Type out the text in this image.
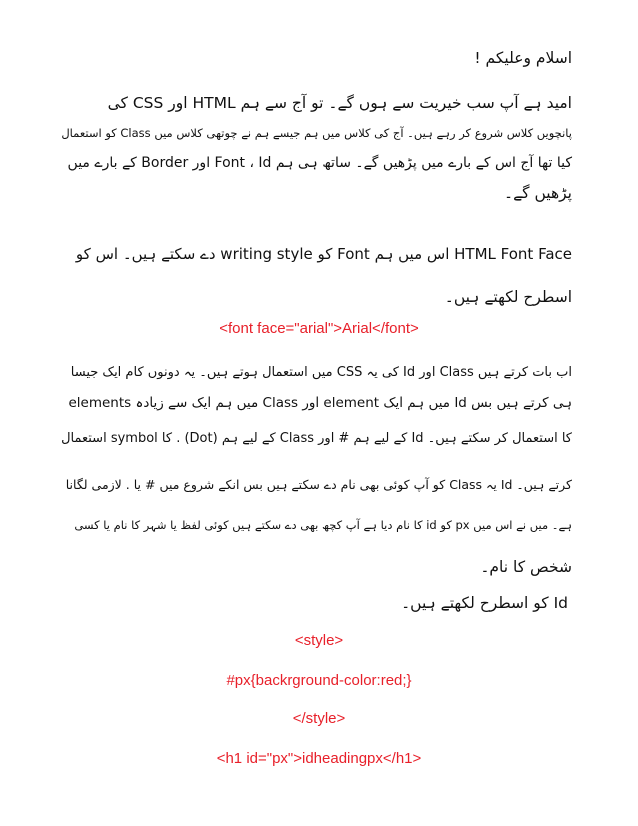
اسلام وعلیکم !
امید ہے آپ سب خیریت سے ہوں گے۔ تو آج سے ہم HTML اور CSS کی
پانچویں کلاس شروع کر رہے ہیں۔ آج کی کلاس میں ہم جیسے ہم نے چوتھی کلاس میں Class کو استعمال
کیا تھا آج اس کے بارے میں پڑھیں گے۔ ساتھ ہی ہم Font ، Id اور Border کے بارے میں
پڑھیں گے۔
HTML Font Face اس میں ہم Font کو writing style دے سکتے ہیں۔ اس کو
اسطرح لکھتے ہیں۔
<font face="arial">Arial</font>
اب بات کرتے ہیں Class اور Id کی یہ CSS میں استعمال ہوتے ہیں۔ یہ دونوں کام ایک جیسا
ہی کرتے ہیں بس Id میں ہم ایک element اور Class میں ہم ایک سے زیادہ elements
کا استعمال کر سکتے ہیں۔ Id کے لیے ہم # اور Class کے لیے ہم (Dot) . کا symbol استعمال
کرتے ہیں۔ Id یہ Class کو آپ کوئی بھی نام دے سکتے ہیں بس انکے شروع میں # یا . لازمی لگانا
ہے۔ میں نے اس میں px کو id کا نام دیا ہے آپ کچھ بھی دے سکتے ہیں کوئی لفظ یا شہر کا نام یا کسی
شخص کا نام۔
Id کو اسطرح لکھتے ہیں۔
<style>
#px{backrground-color:red;}
</style>
<h1 id="px">idheadingpx</h1>
